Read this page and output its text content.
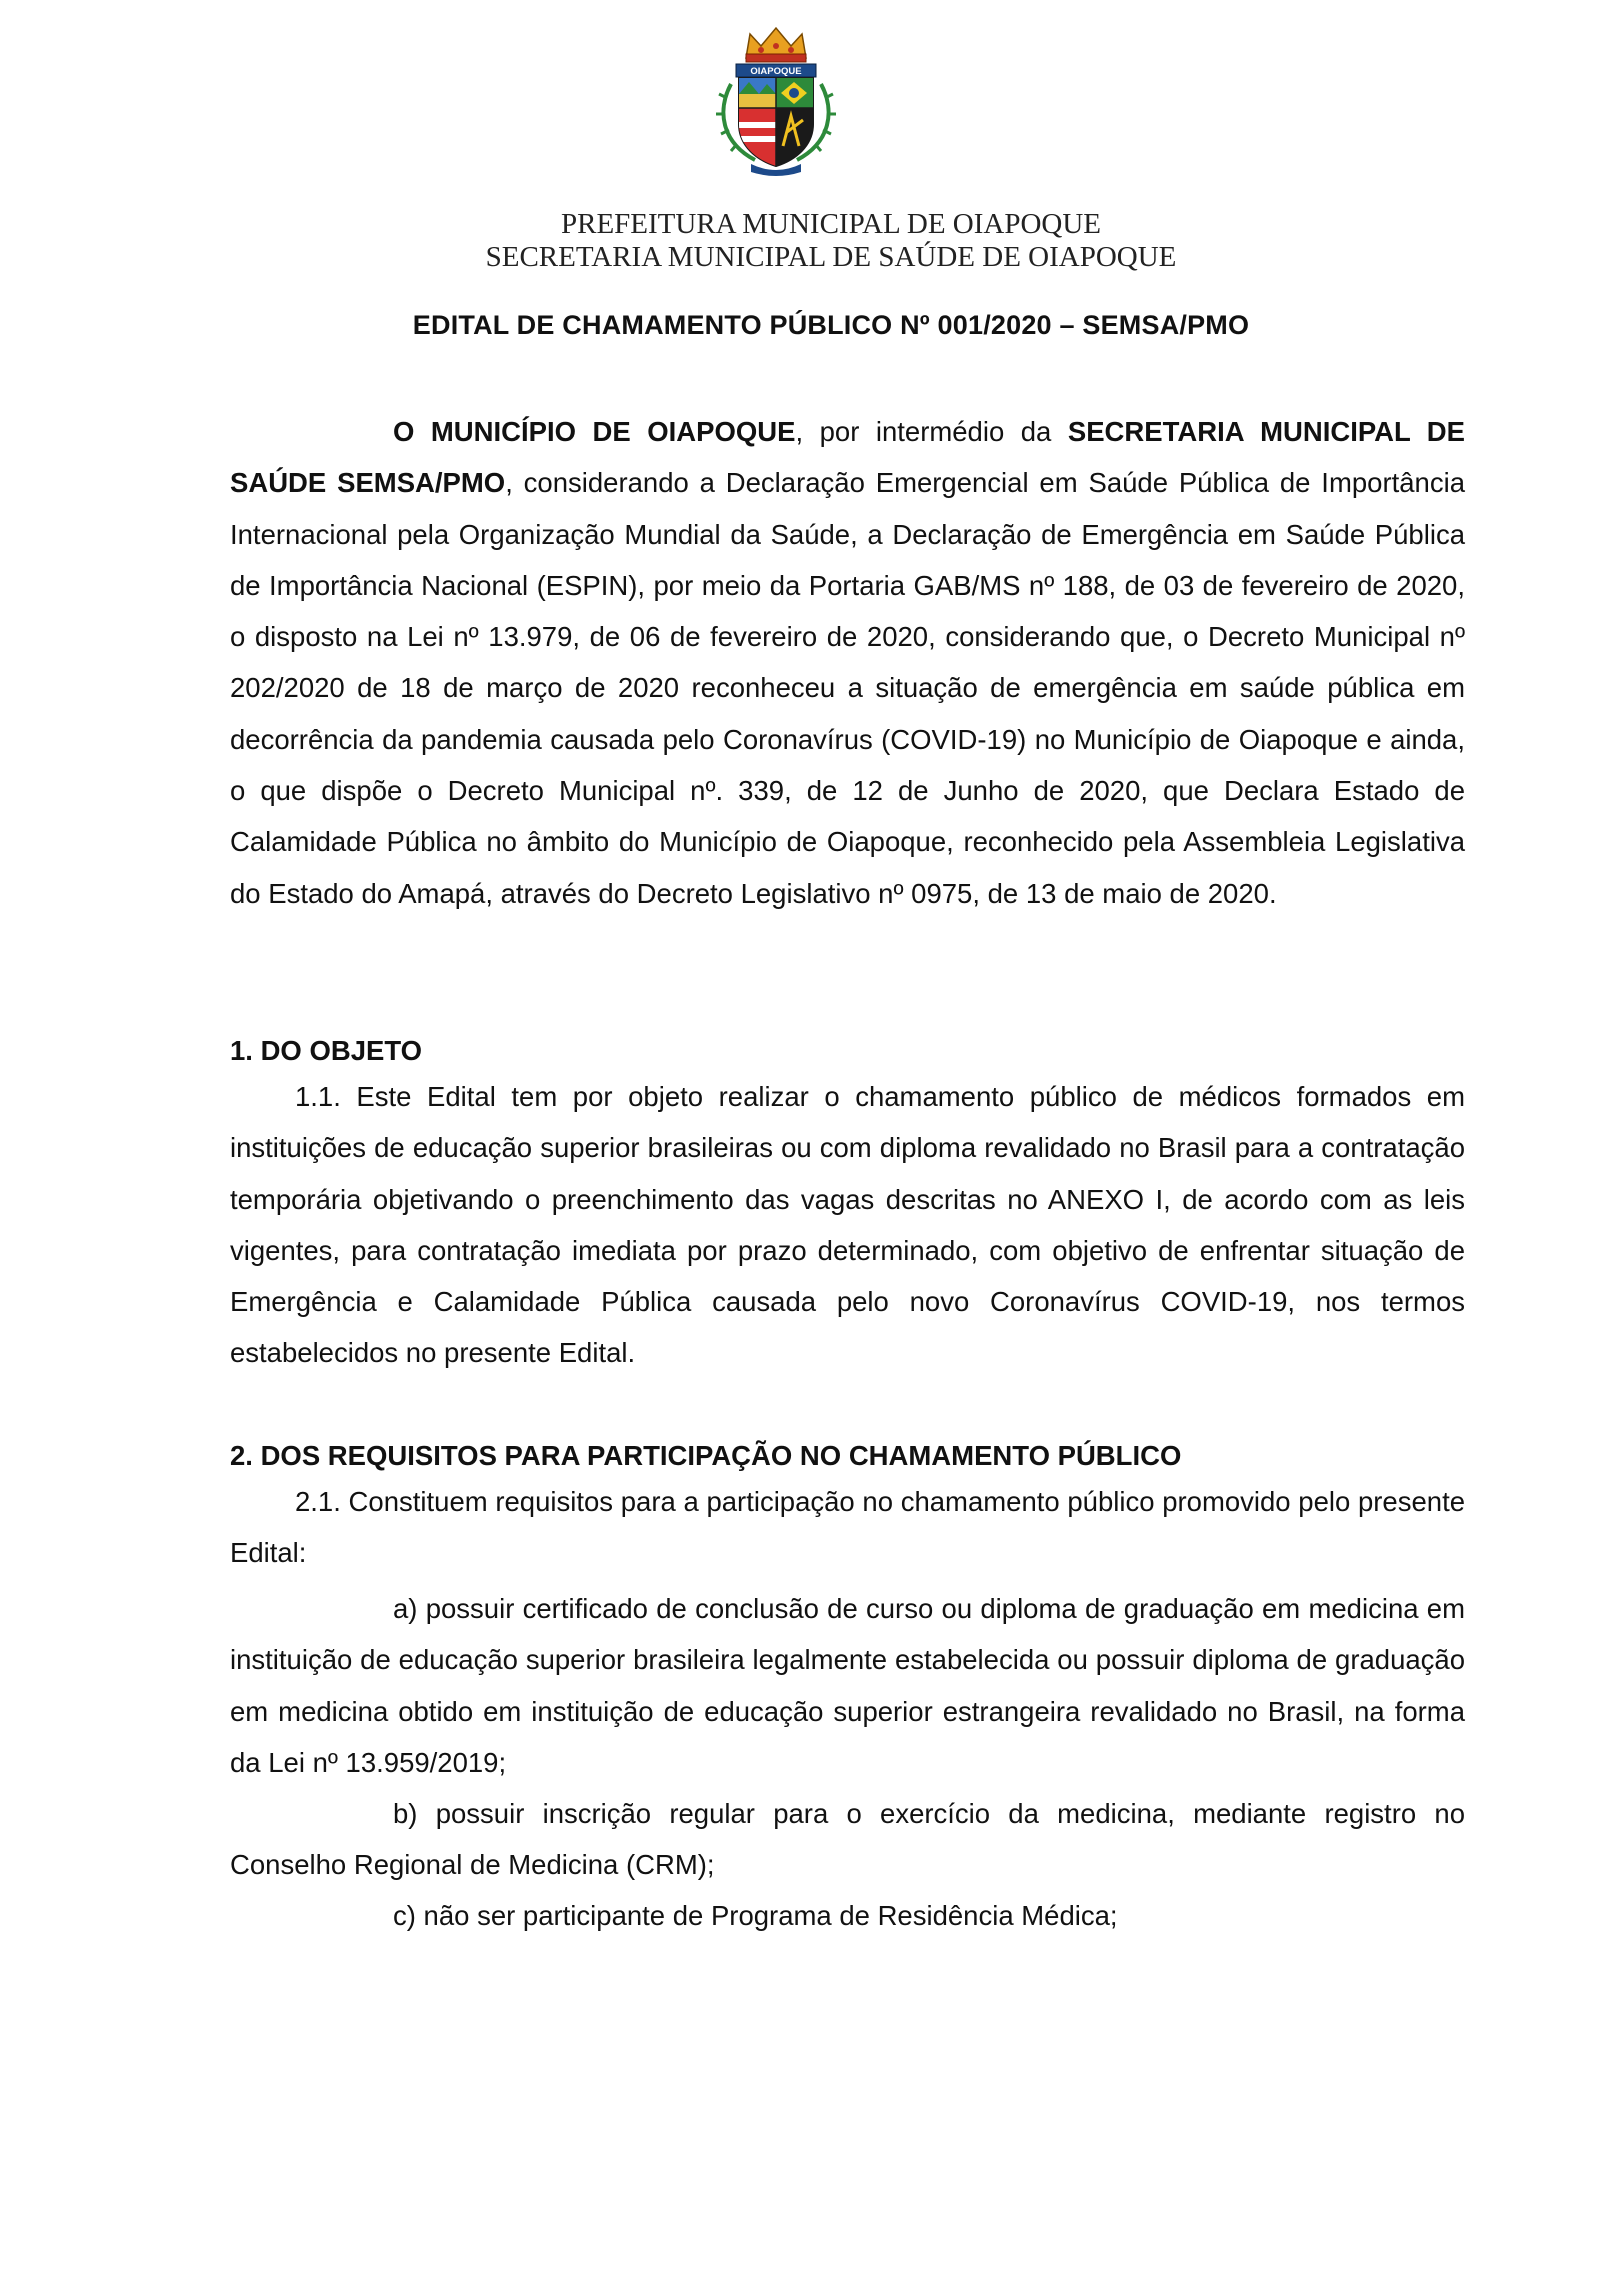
OIAPOQUE
PREFEITURA MUNICIPAL DE OIAPOQUE
SECRETARIA MUNICIPAL DE SAÚDE DE OIAPOQUE
EDITAL DE CHAMAMENTO PÚBLICO Nº 001/2020 – SEMSA/PMO
O MUNICÍPIO DE OIAPOQUE, por intermédio da SECRETARIA MUNICIPAL DE SAÚDE SEMSA/PMO, considerando a Declaração Emergencial em Saúde Pública de Importância Internacional pela Organização Mundial da Saúde, a Declaração de Emergência em Saúde Pública de Importância Nacional (ESPIN), por meio da Portaria GAB/MS nº 188, de 03 de fevereiro de 2020, o disposto na Lei nº 13.979, de 06 de fevereiro de 2020, considerando que, o Decreto Municipal nº 202/2020 de 18 de março de 2020 reconheceu a situação de emergência em saúde pública em decorrência da pandemia causada pelo Coronavírus (COVID-19) no Município de Oiapoque e ainda, o que dispõe o Decreto Municipal nº. 339, de 12 de Junho de 2020, que Declara Estado de Calamidade Pública no âmbito do Município de Oiapoque, reconhecido pela Assembleia Legislativa do Estado do Amapá, através do Decreto Legislativo nº 0975, de 13 de maio de 2020.
1. DO OBJETO
1.1. Este Edital tem por objeto realizar o chamamento público de médicos formados em instituições de educação superior brasileiras ou com diploma revalidado no Brasil para a contratação temporária objetivando o preenchimento das vagas descritas no ANEXO I, de acordo com as leis vigentes, para contratação imediata por prazo determinado, com objetivo de enfrentar situação de Emergência e Calamidade Pública causada pelo novo Coronavírus COVID-19, nos termos estabelecidos no presente Edital.
2. DOS REQUISITOS PARA PARTICIPAÇÃO NO CHAMAMENTO PÚBLICO
2.1. Constituem requisitos para a participação no chamamento público promovido pelo presente Edital:
a) possuir certificado de conclusão de curso ou diploma de graduação em medicina em instituição de educação superior brasileira legalmente estabelecida ou possuir diploma de graduação em medicina obtido em instituição de educação superior estrangeira revalidado no Brasil, na forma da Lei nº 13.959/2019;
b) possuir inscrição regular para o exercício da medicina, mediante registro no Conselho Regional de Medicina (CRM);
c) não ser participante de Programa de Residência Médica;
